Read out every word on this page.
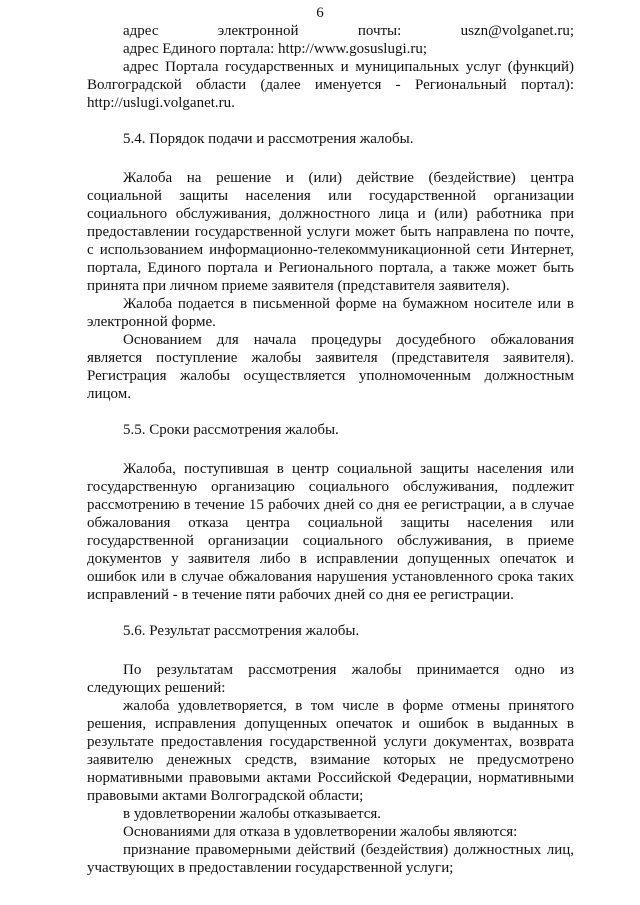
6

адрес электронной почты: uszn@volganet.ru;

адрес Единого портала: http://www.gosuslugi.ru;

адрес Портала государственных и муниципальных услуг (функций) Волгоградской области (далее именуется - Региональный портал): http://uslugi.volganet.ru.

5.4. Порядок подачи и рассмотрения жалобы.

Жалоба на решение и (или) действие (бездействие) центра социальной защиты населения или государственной организации социального обслуживания, должностного лица и (или) работника при предоставлении государственной услуги может быть направлена по почте, с использованием информационно-телекоммуникационной сети Интернет, портала, Единого портала и Регионального портала, а также может быть принята при личном приеме заявителя (представителя заявителя).

Жалоба подается в письменной форме на бумажном носителе или в электронной форме.

Основанием для начала процедуры досудебного обжалования является поступление жалобы заявителя (представителя заявителя). Регистрация жалобы осуществляется уполномоченным должностным лицом.

5.5. Сроки рассмотрения жалобы.

Жалоба, поступившая в центр социальной защиты населения или государственную организацию социального обслуживания, подлежит рассмотрению в течение 15 рабочих дней со дня ее регистрации, а в случае обжалования отказа центра социальной защиты населения или государственной организации социального обслуживания, в приеме документов у заявителя либо в исправлении допущенных опечаток и ошибок или в случае обжалования нарушения установленного срока таких исправлений - в течение пяти рабочих дней со дня ее регистрации.

5.6. Результат рассмотрения жалобы.

По результатам рассмотрения жалобы принимается одно из следующих решений:

жалоба удовлетворяется, в том числе в форме отмены принятого решения, исправления допущенных опечаток и ошибок в выданных в результате предоставления государственной услуги документах, возврата заявителю денежных средств, взимание которых не предусмотрено нормативными правовыми актами Российской Федерации, нормативными правовыми актами Волгоградской области;

в удовлетворении жалобы отказывается.

Основаниями для отказа в удовлетворении жалобы являются:

признание правомерными действий (бездействия) должностных лиц, участвующих в предоставлении государственной услуги;
